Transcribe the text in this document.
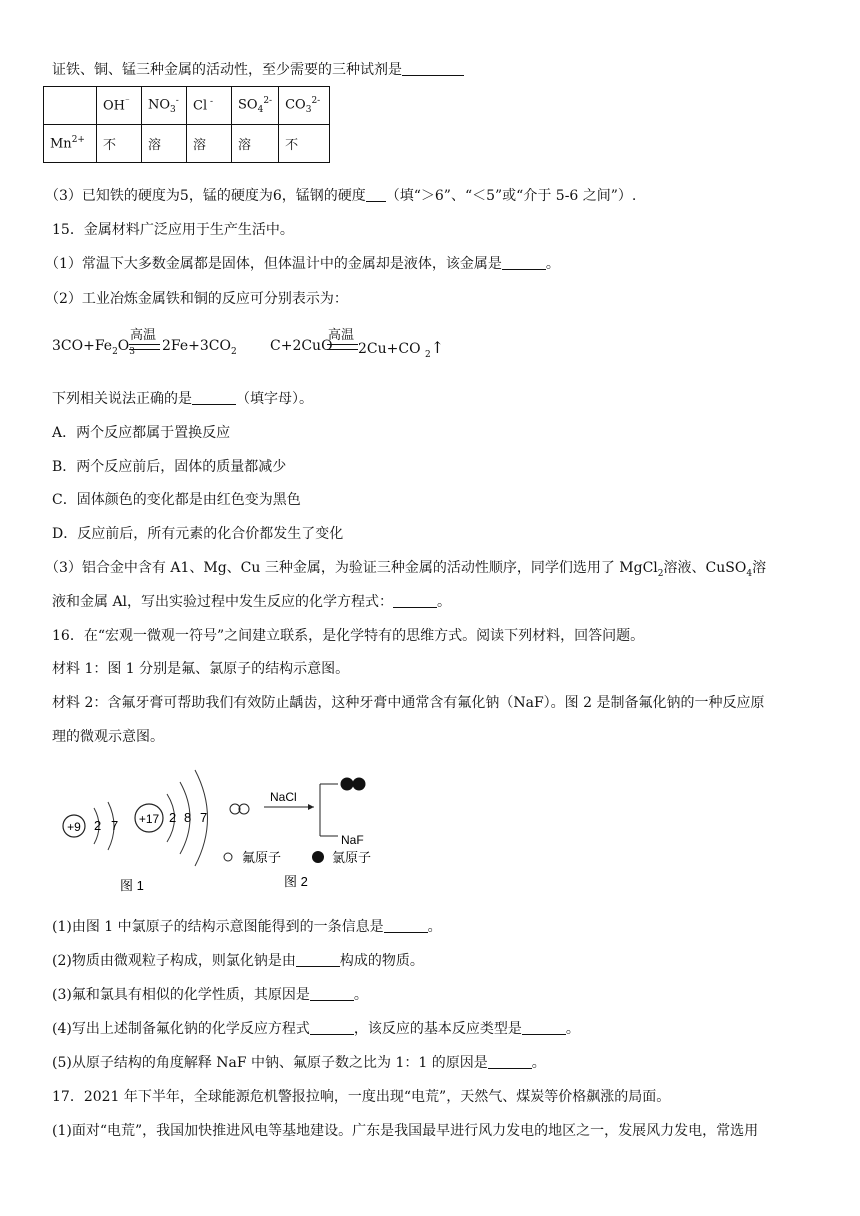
证铁、铜、锰三种金属的活动性，至少需要的三种试剂是
	OH⁻	$NO_3^-$	Cl -	$SO_4^{2-}$	$CO_3^{2-}$
$Mn^{2+}$	不	溶	溶	溶	不
（3）已知铁的硬度为5，锰的硬度为6，锰钢的硬度 （填“＞6”、“＜5”或“介于 5-6 之间”）.
15．金属材料广泛应用于生产生活中。
（1）常温下大多数金属都是固体，但体温计中的金属却是液体，该金属是	。
（2）工业冶炼金属铁和铜的反应可分别表示为：
$3CO+Fe_2O_3$
高温
$2Fe+3CO_2$ C+2CuO
高温
2Cu+CO $_2$↑
下列相关说法正确的是	（填字母）。
A．两个反应都属于置换反应
B．两个反应前后，固体的质量都减少
C．固体颜色的变化都是由红色变为黑色
D．反应前后，所有元素的化合价都发生了变化
（3）铝合金中含有 A1、Mg、Cu 三种金属，为验证三种金属的活动性顺序，同学们选用了 MgCl$_2$溶液、CuSO$_4$溶
液和金属 Al，写出实验过程中发生反应的化学方程式：	。
16．在“宏观一微观一符号”之间建立联系，是化学特有的思维方式。阅读下列材料，回答问题。
材料 1：图 1 分别是氟、氯原子的结构示意图。
材料 2：含氟牙膏可帮助我们有效防止龋齿，这种牙膏中通常含有氟化钠（NaF）。图 2 是制备氟化钠的一种反应原
理的微观示意图。
+9 2 7 +17 2 8 7
图 1
NaCl
NaF
氟原子	氯原子
图 2
(1)由图 1 中氯原子的结构示意图能得到的一条信息是	。
(2)物质由微观粒子构成，则氯化钠是由	构成的物质。
(3)氟和氯具有相似的化学性质，其原因是	。
(4)写出上述制备氟化钠的化学反应方程式	，该反应的基本反应类型是	。
(5)从原子结构的角度解释 NaF 中钠、氟原子数之比为 1：1 的原因是	。
17．2021 年下半年，全球能源危机警报拉响，一度出现“电荒”，天然气、煤炭等价格飙涨的局面。
(1)面对“电荒”，我国加快推进风电等基地建设。广东是我国最早进行风力发电的地区之一，发展风力发电，常选用
